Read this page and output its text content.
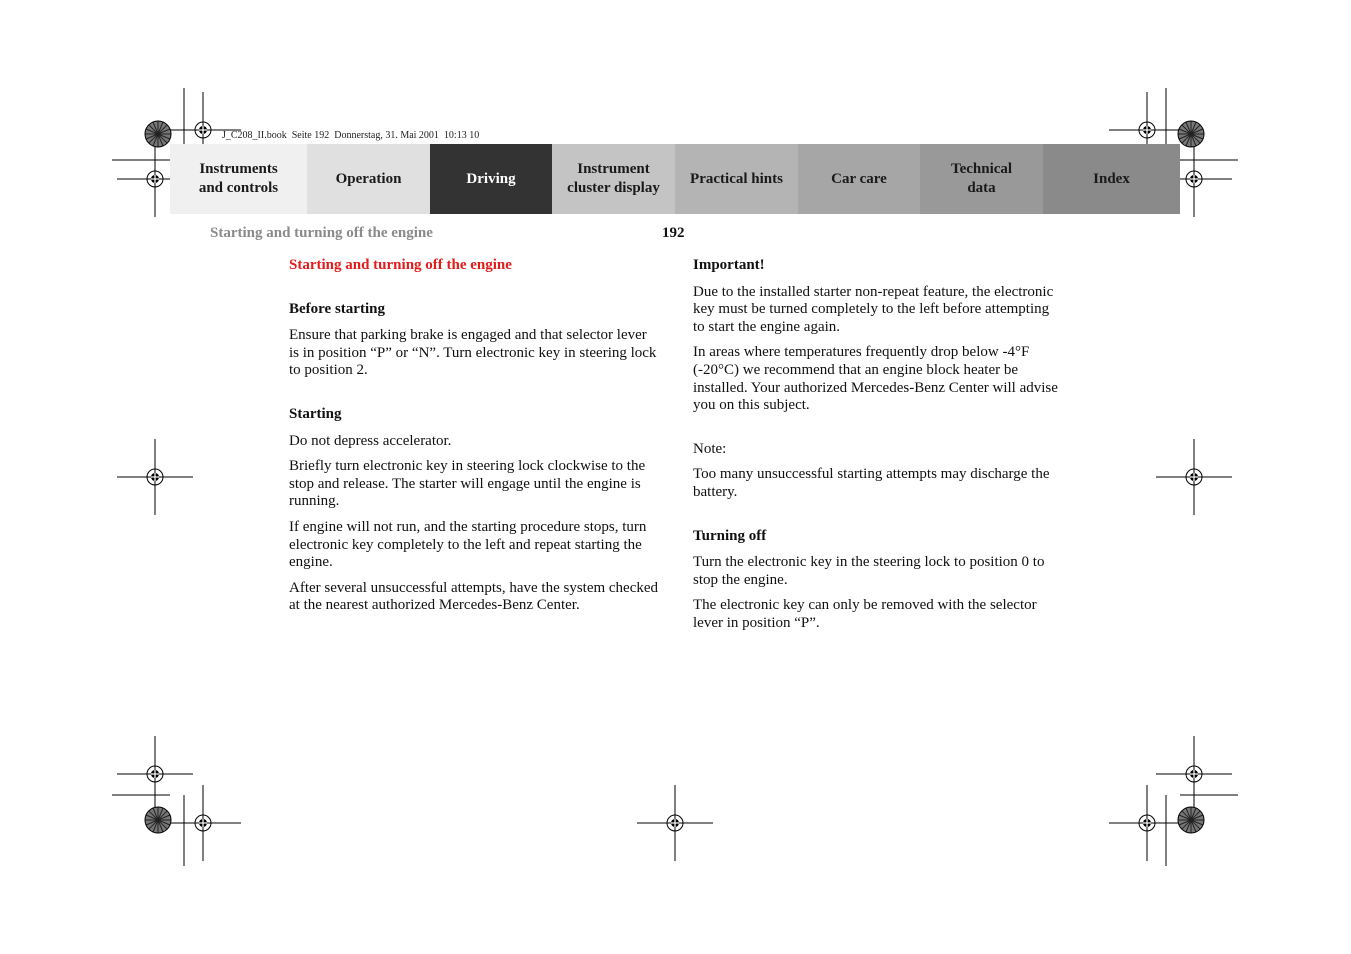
J_C208_II.book  Seite 192  Donnerstag, 31. Mai 2001  10:13 10
Instruments
and controls
Operation	Driving
Instrument
cluster display
Practical hints	Car care
Technical
data
Index
Starting and turning off the engine	192
Starting and turning off the engine
Before starting

Ensure that parking brake is engaged and that selector lever is in position “P” or “N”. Turn electronic key in steering lock to position 2.

Starting

Do not depress accelerator.

Briefly turn electronic key in steering lock clockwise to the stop and release. The starter will engage until the engine is running.

If engine will not run, and the starting procedure stops, turn electronic key completely to the left and repeat starting the engine.

After several unsuccessful attempts, have the system checked at the nearest authorized Mercedes-Benz Center.

Important!

Due to the installed starter non-repeat feature, the electronic key must be turned completely to the left before attempting to start the engine again.

In areas where temperatures frequently drop below -4°F (-20°C) we recommend that an engine block heater be installed. Your authorized Mercedes-Benz Center will advise you on this subject.

Note:

Too many unsuccessful starting attempts may discharge the battery.

Turning off

Turn the electronic key in the steering lock to position 0 to stop the engine.

The electronic key can only be removed with the selector lever in position “P”.
